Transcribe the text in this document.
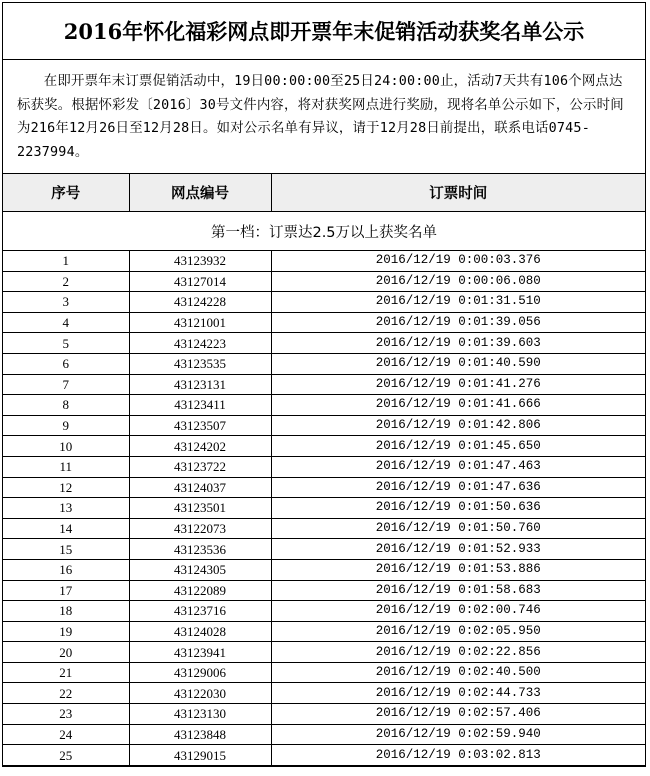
2016年怀化福彩网点即开票年末促销活动获奖名单公示
在即开票年末订票促销活动中，19日00:00:00至25日24:00:00止，活动7天共有106个网点达标获奖。根据怀彩发〔2016〕30号文件内容，将对获奖网点进行奖励，现将名单公示如下，公示时间为216年12月26日至12月28日。如对公示名单有异议，请于12月28日前提出，联系电话0745-2237994。
序号	网点编号	订票时间
第一档：订票达2.5万以上获奖名单		
1	43123932	2016/12/19 0:00:03.376
2	43127014	2016/12/19 0:00:06.080
3	43124228	2016/12/19 0:01:31.510
4	43121001	2016/12/19 0:01:39.056
5	43124223	2016/12/19 0:01:39.603
6	43123535	2016/12/19 0:01:40.590
7	43123131	2016/12/19 0:01:41.276
8	43123411	2016/12/19 0:01:41.666
9	43123507	2016/12/19 0:01:42.806
10	43124202	2016/12/19 0:01:45.650
11	43123722	2016/12/19 0:01:47.463
12	43124037	2016/12/19 0:01:47.636
13	43123501	2016/12/19 0:01:50.636
14	43122073	2016/12/19 0:01:50.760
15	43123536	2016/12/19 0:01:52.933
16	43124305	2016/12/19 0:01:53.886
17	43122089	2016/12/19 0:01:58.683
18	43123716	2016/12/19 0:02:00.746
19	43124028	2016/12/19 0:02:05.950
20	43123941	2016/12/19 0:02:22.856
21	43129006	2016/12/19 0:02:40.500
22	43122030	2016/12/19 0:02:44.733
23	43123130	2016/12/19 0:02:57.406
24	43123848	2016/12/19 0:02:59.940
25	43129015	2016/12/19 0:03:02.813
